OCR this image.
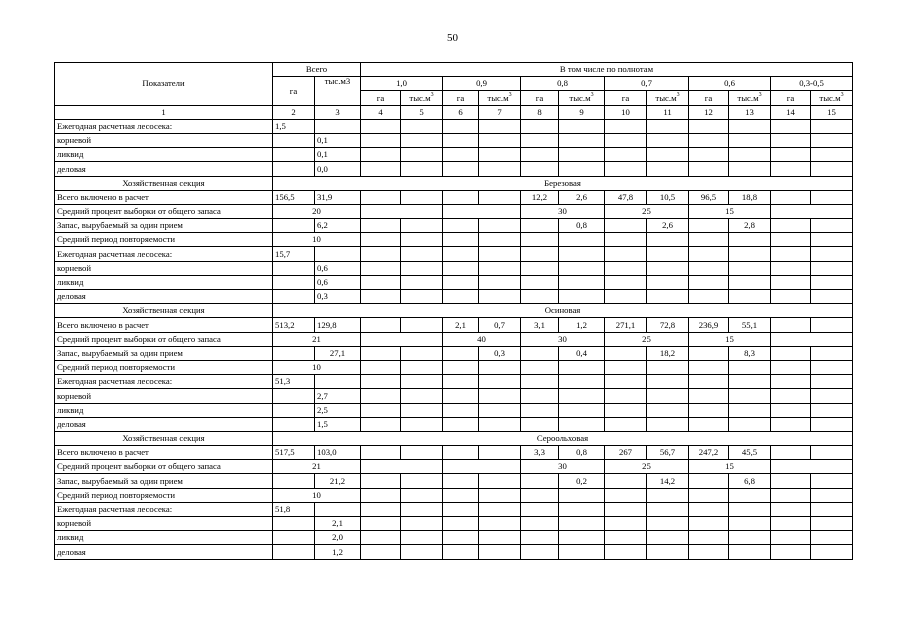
50
Показатели	Всего		В том числе по полнотам											
	га	тыс.м3	1,0		0,9		0,8		0,7		0,6		0,3-0,5	
			га	$тыс.м^3$	га	$тыс.м^3$	га	$тыс.м^3$	га	$тыс.м^3$	га	$тыс.м^3$	га	$тыс.м^3$
1	2	3	4	5	6	7	8	9	10	11	12	13	14	15
Ежегодная расчетная лесосека:	1,5													
корневой		0,1												
ликвид		0,1												
деловая		0,0												
Хозяйственная секция	Березовая													
Всего включено в расчет	156,5	31,9					12,2	2,6	47,8	10,5	96,5	18,8		
Средний процент выборки от общего запаса	20						30		25		15			
Запас, вырубаемый за один прием		6,2						0,8		2,6		2,8		
Средний период повторяемости	10													
Ежегодная расчетная лесосека:	15,7													
корневой		0,6												
ликвид		0,6												
деловая		0,3												
Хозяйственная секция	Осиновая													
Всего включено в расчет	513,2	129,8			2,1	0,7	3,1	1,2	271,1	72,8	236,9	55,1		
Средний процент выборки от общего запаса	21				40		30		25		15			
Запас, вырубаемый за один прием		27,1				0,3		0,4		18,2		8,3		
Средний период повторяемости	10													
Ежегодная расчетная лесосека:	51,3													
корневой		2,7												
ликвид		2,5												
деловая		1,5												
Хозяйственная секция	Сероольховая													
Всего включено в расчет	517,5	103,0					3,3	0,8	267	56,7	247,2	45,5		
Средний процент выборки от общего запаса	21						30		25		15			
Запас, вырубаемый за один прием		21,2						0,2		14,2		6,8		
Средний период повторяемости	10													
Ежегодная расчетная лесосека:	51,8													
корневой		2,1												
ликвид		2,0												
деловая		1,2												
